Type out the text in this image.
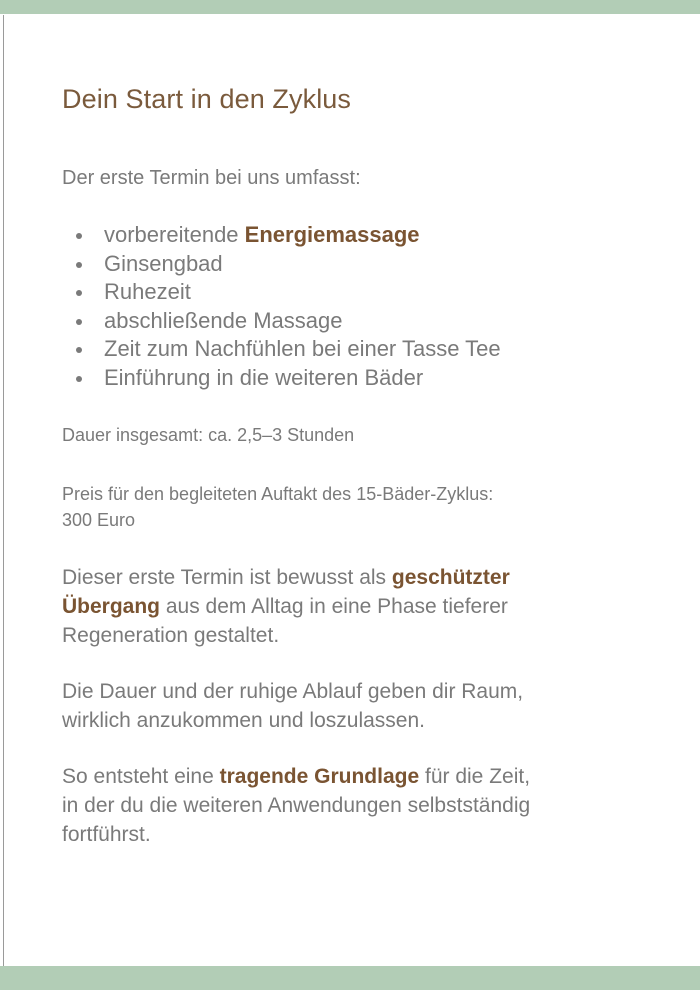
Dein Start in den Zyklus

Der erste Termin bei uns umfasst:

vorbereitende Energiemassage
Ginsengbad
Ruhezeit
abschließende Massage
Zeit zum Nachfühlen bei einer Tasse Tee
Einführung in die weiteren Bäder

Dauer insgesamt: ca. 2,5–3 Stunden

Preis für den begleiteten Auftakt des 15-Bäder-Zyklus:
300 Euro
Dieser erste Termin ist bewusst als geschützter
Übergang aus dem Alltag in eine Phase tieferer
Regeneration gestaltet.
Die Dauer und der ruhige Ablauf geben dir Raum,
wirklich anzukommen und loszulassen.
So entsteht eine tragende Grundlage für die Zeit,
in der du die weiteren Anwendungen selbstständig
fortführst.
